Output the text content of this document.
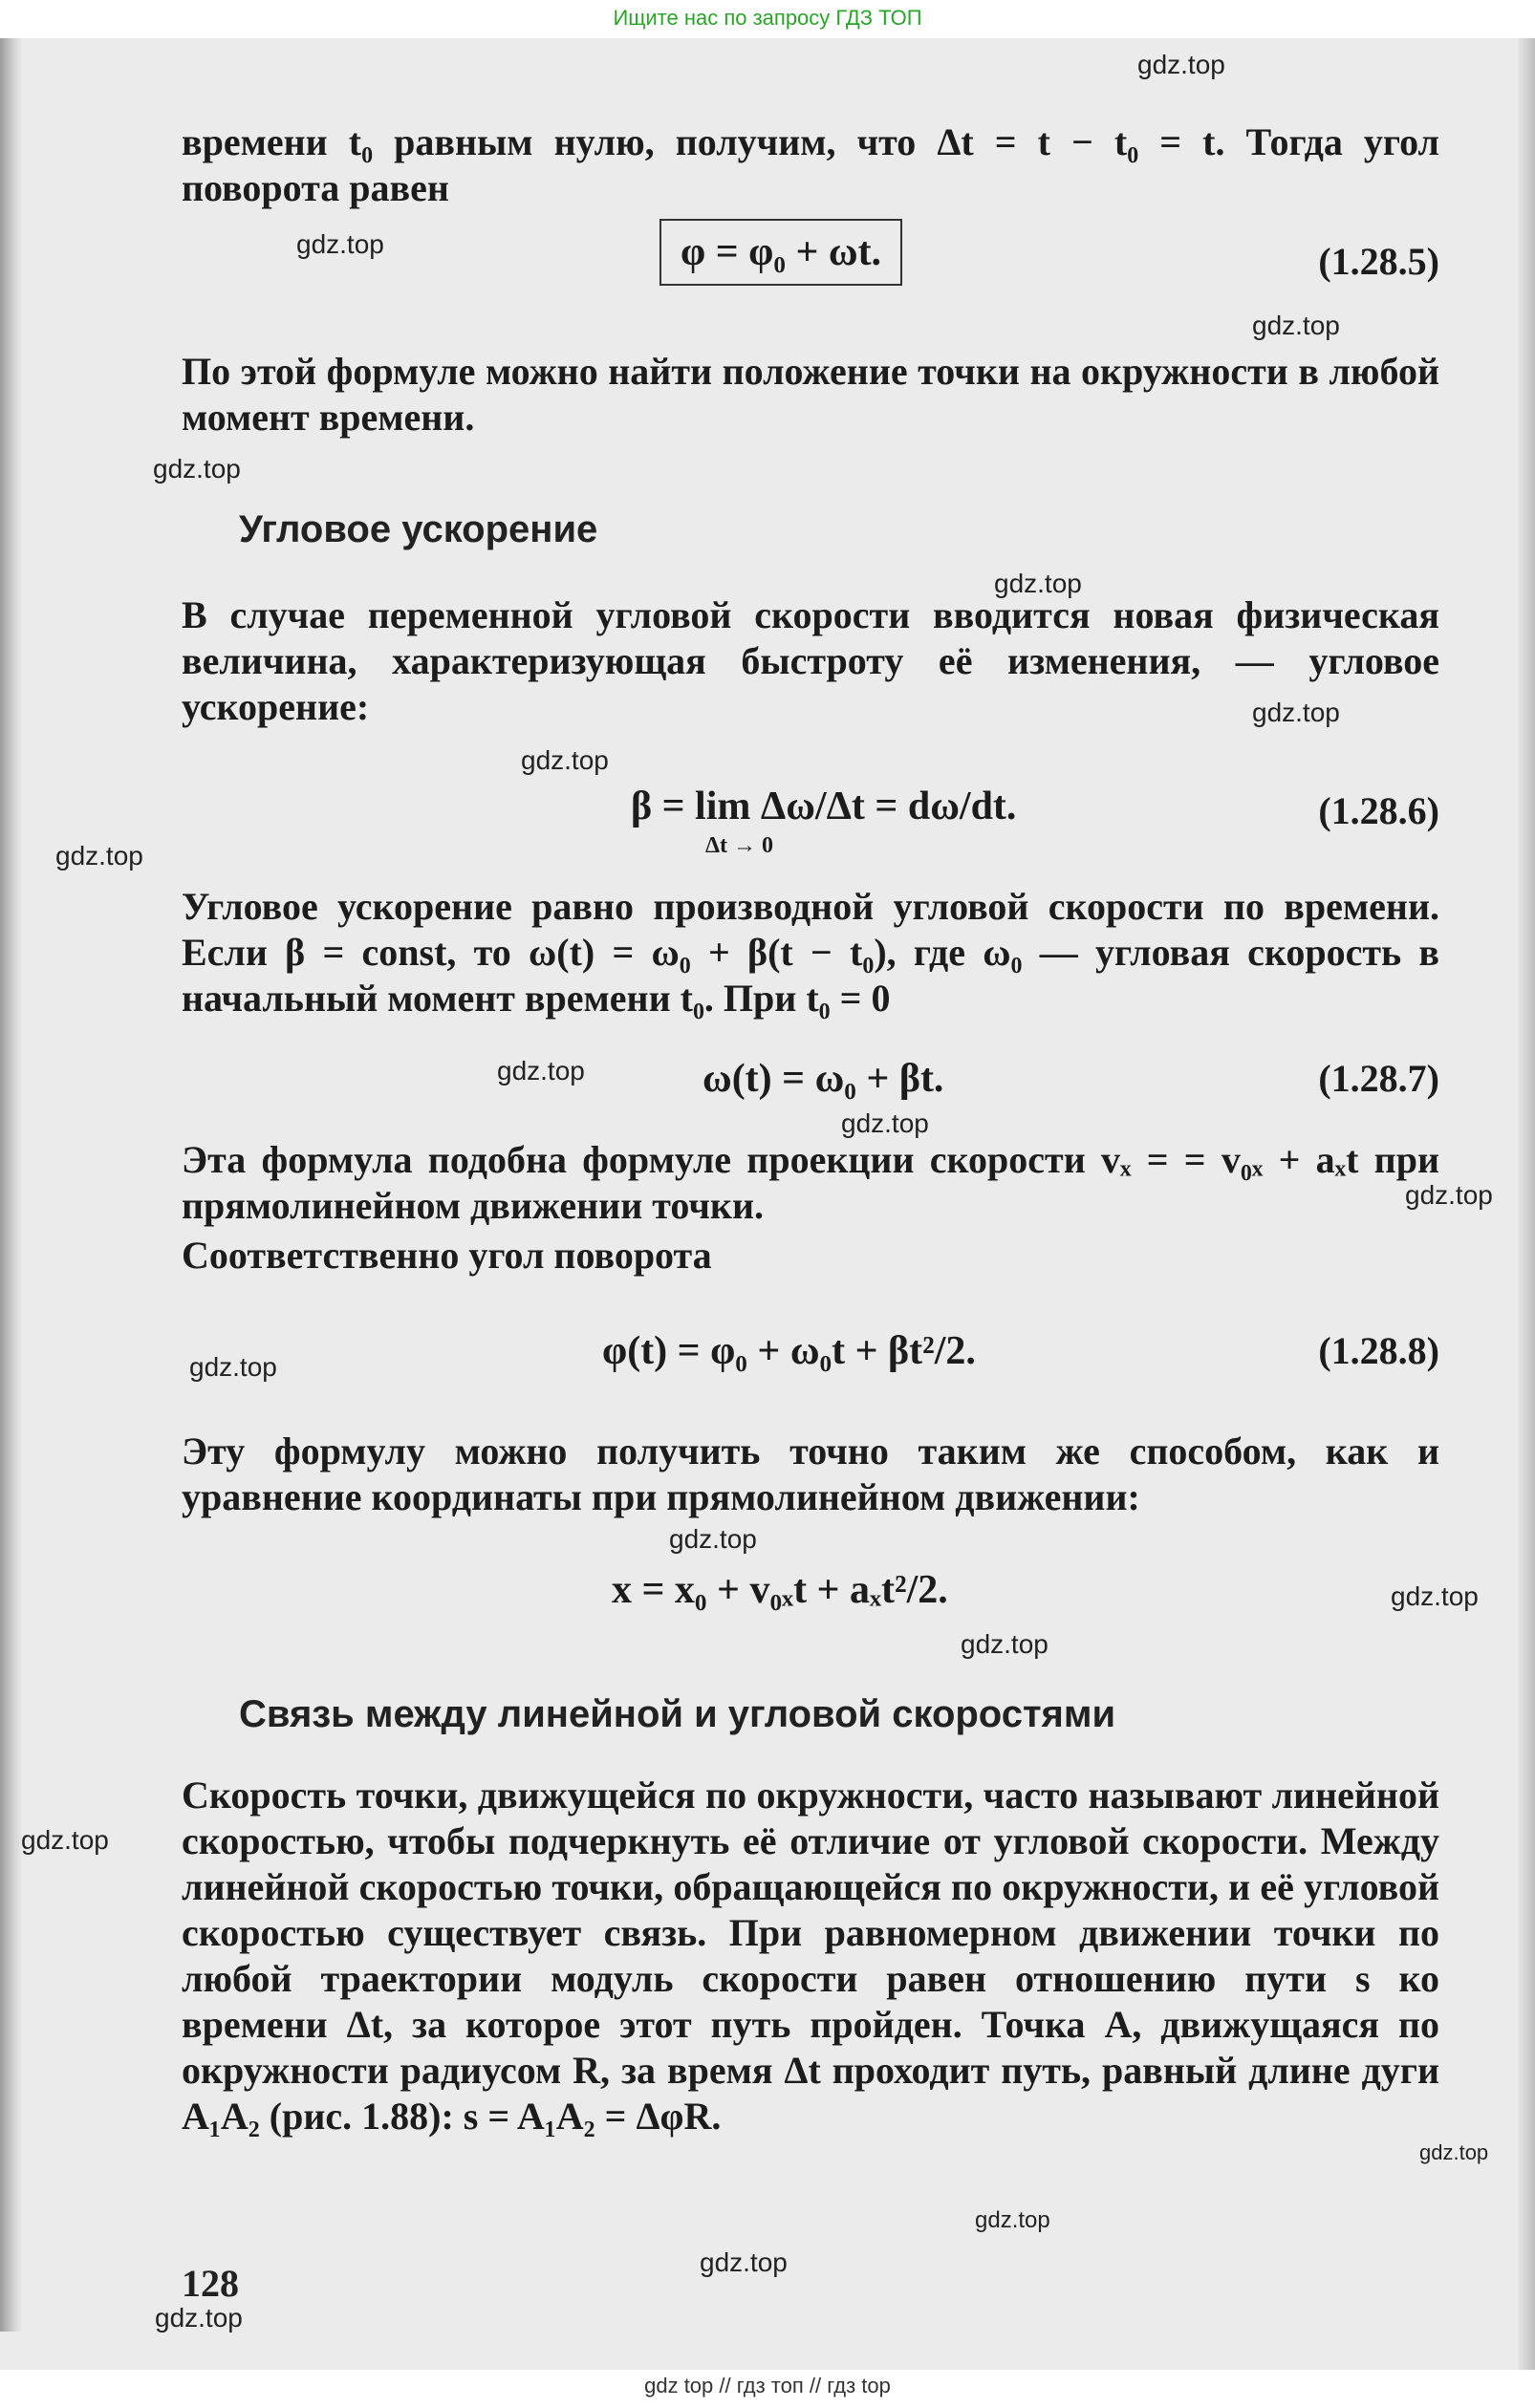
Ищите нас по запросу ГДЗ ТОП
времени t₀ равным нулю, получим, что Δt = t − t₀ = t. Тогда угол поворота равен
φ = φ₀ + ωt.	(1.28.5)
По этой формуле можно найти положение точки на окружности в любой момент времени.
Угловое ускорение
В случае переменной угловой скорости вводится новая физическая величина, характеризующая быстроту её изменения, — угловое ускорение:
β = lim Δω/Δt = dω/dt.
Δt → 0
(1.28.6)
Угловое ускорение равно производной угловой скорости по времени. Если β = const, то ω(t) = ω₀ + β(t − t₀), где ω₀ — угловая скорость в начальный момент времени t₀. При t₀ = 0
ω(t) = ω₀ + βt.	(1.28.7)
Эта формула подобна формуле проекции скорости vₓ = = v₀ₓ + aₓt при прямолинейном движении точки.
Соответственно угол поворота
φ(t) = φ₀ + ω₀t + βt²/2.	(1.28.8)
Эту формулу можно получить точно таким же способом, как и уравнение координаты при прямолинейном движении:
x = x₀ + v₀ₓt + aₓt²/2.
Связь между линейной и угловой скоростями
Скорость точки, движущейся по окружности, часто называют линейной скоростью, чтобы подчеркнуть её отличие от угловой скорости. Между линейной скоростью точки, обращающейся по окружности, и её угловой скоростью существует связь. При равномерном движении точки по любой траектории модуль скорости равен отношению пути s ко времени Δt, за которое этот путь пройден. Точка A, движущаяся по окружности радиусом R, за время Δt проходит путь, равный длине дуги A₁A₂ (рис. 1.88): s = A₁A₂ = ΔφR.
128
gdz.top
gdz.top
gdz.top
gdz.top
gdz.top
gdz.top
gdz.top
gdz.top
gdz.top
gdz.top
gdz.top
gdz.top
gdz.top
gdz.top
gdz.top
gdz.top
gdz.top
gdz.top
gdz.top
gdz.top
gdz top // гдз топ // гдз top
